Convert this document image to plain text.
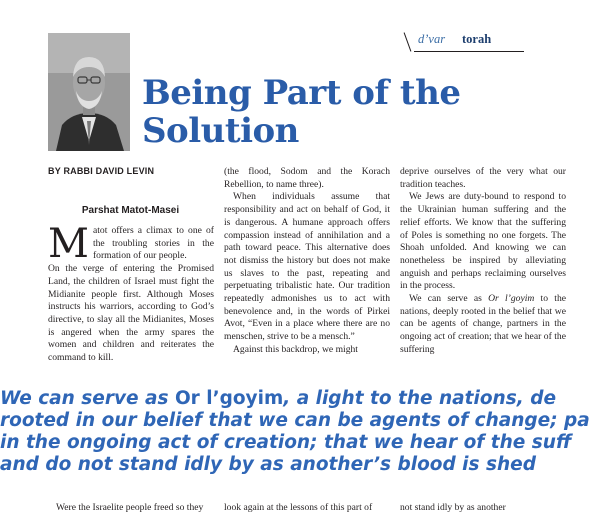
d’var torah
Being Part of the
Solution
BY RABBI DAVID LEVIN
Parshat Matot-Masei

Matot offers a climax to one of the troubling stories in the formation of our people.

On the verge of entering the Promised Land, the children of Israel must fight the Midianite people first. Although Moses instructs his warriors, according to God’s directive, to slay all the Midianites, Moses is angered when the army spares the women and children and reiterates the command to kill.

(the flood, Sodom and the Korach Rebellion, to name three).

When individuals assume that responsibility and act on behalf of God, it is dangerous. A humane approach offers compassion instead of annihilation and a path toward peace. This alternative does not dismiss the history but does not make us slaves to the past, repeating and perpetuating tribalistic hate. Our tradition repeatedly admonishes us to act with benevolence and, in the words of Pirkei Avot, “Even in a place where there are no menschen, strive to be a mensch.”

Against this backdrop, we might

deprive ourselves of the very what our tradition teaches.

We Jews are duty-bound to respond to the Ukrainian human suffering and the relief efforts. We know that the suffering of Poles is something no one forgets. The Shoah unfolded. And knowing we can nonetheless be inspired by alleviating anguish and perhaps reclaiming ourselves in the process.

We can serve as Or l’goyim to the nations, deeply rooted in the belief that we can be agents of change, partners in the ongoing act of creation; that we hear of the suffering

We can serve as Or l’goyim, a light to the nations, de
rooted in our belief that we can be agents of change; pa
in the ongoing act of creation; that we hear of the suff
and do not stand idly by as another’s blood is shed
Were the Israelite people freed so they	look again at the lessons of this part of	not stand idly by as another
